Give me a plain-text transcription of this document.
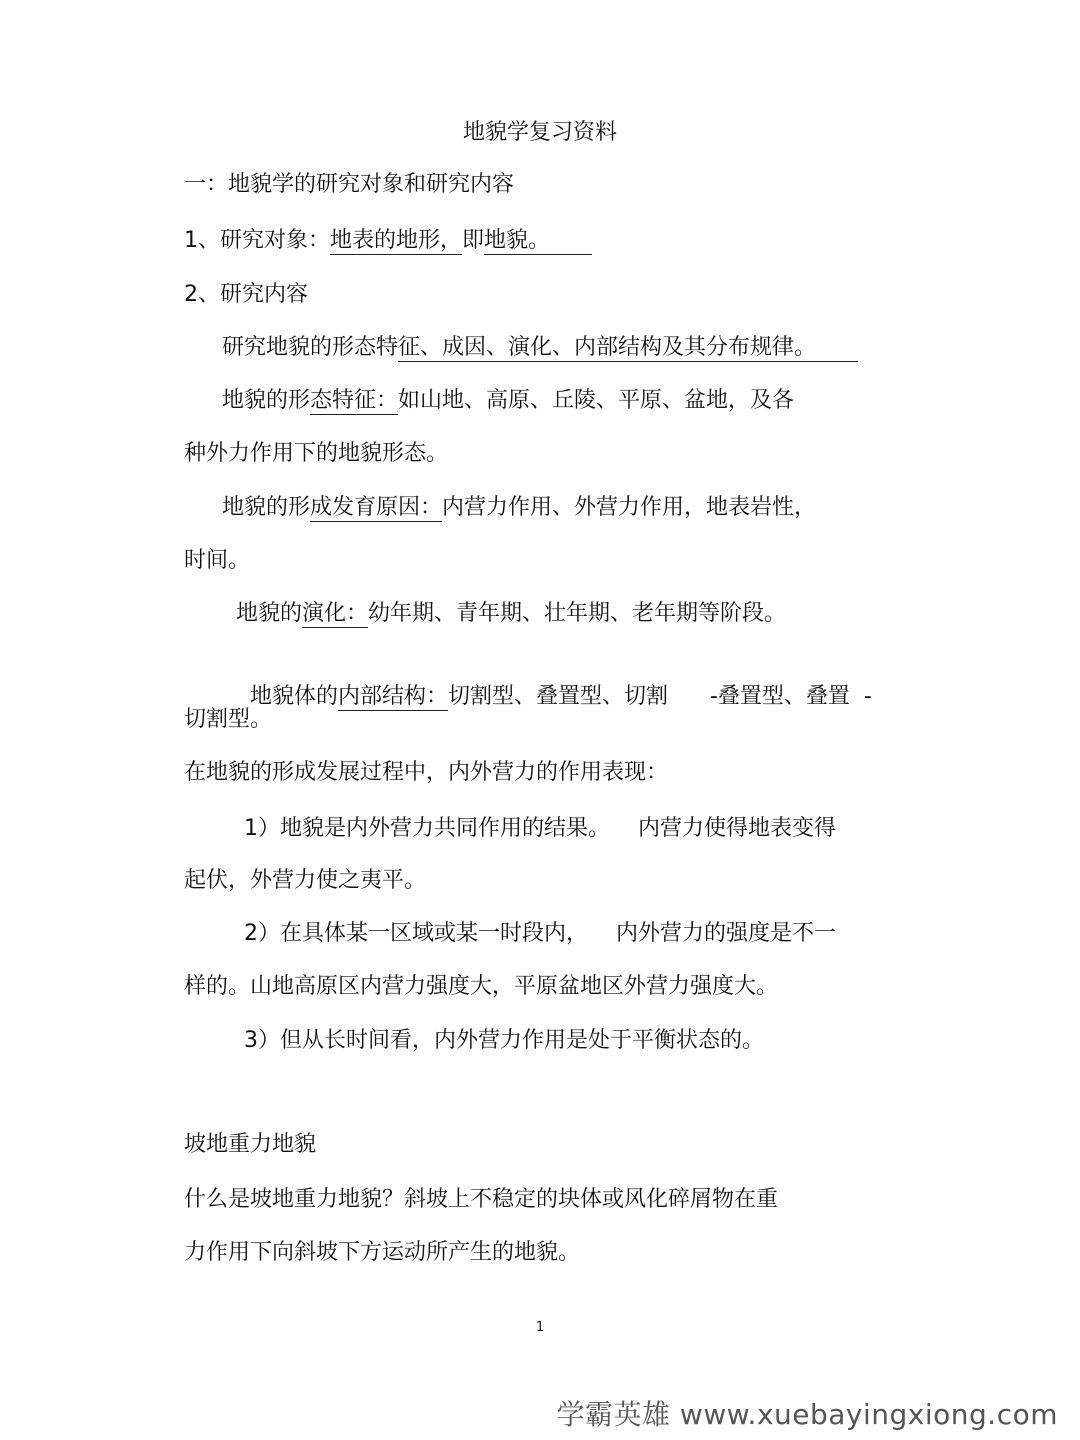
地貌学复习资料
一：地貌学的研究对象和研究内容
1、研究对象：地表的地形，即地貌。
2、研究内容
研究地貌的形态特征、成因、演化、内部结构及其分布规律。
地貌的形态特征：如山地、高原、丘陵、平原、盆地，及各
种外力作用下的地貌形态。
地貌的形成发育原因：内营力作用、外营力作用，地表岩性，
时间。
地貌的演化：幼年期、青年期、壮年期、老年期等阶段。

地貌体的内部结构：切割型、叠置型、切割      -叠置型、叠置  -

切割型。
在地貌的形成发展过程中，内外营力的作用表现：
1）地貌是内外营力共同作用的结果。    内营力使得地表变得
起伏，外营力使之夷平。
2）在具体某一区域或某一时段内，    内外营力的强度是不一
样的。山地高原区内营力强度大，平原盆地区外营力强度大。
3）但从长时间看，内外营力作用是处于平衡状态的。
坡地重力地貌
什么是坡地重力地貌？斜坡上不稳定的块体或风化碎屑物在重
力作用下向斜坡下方运动所产生的地貌。
1
学霸英雄 www.xuebayingxiong.com
